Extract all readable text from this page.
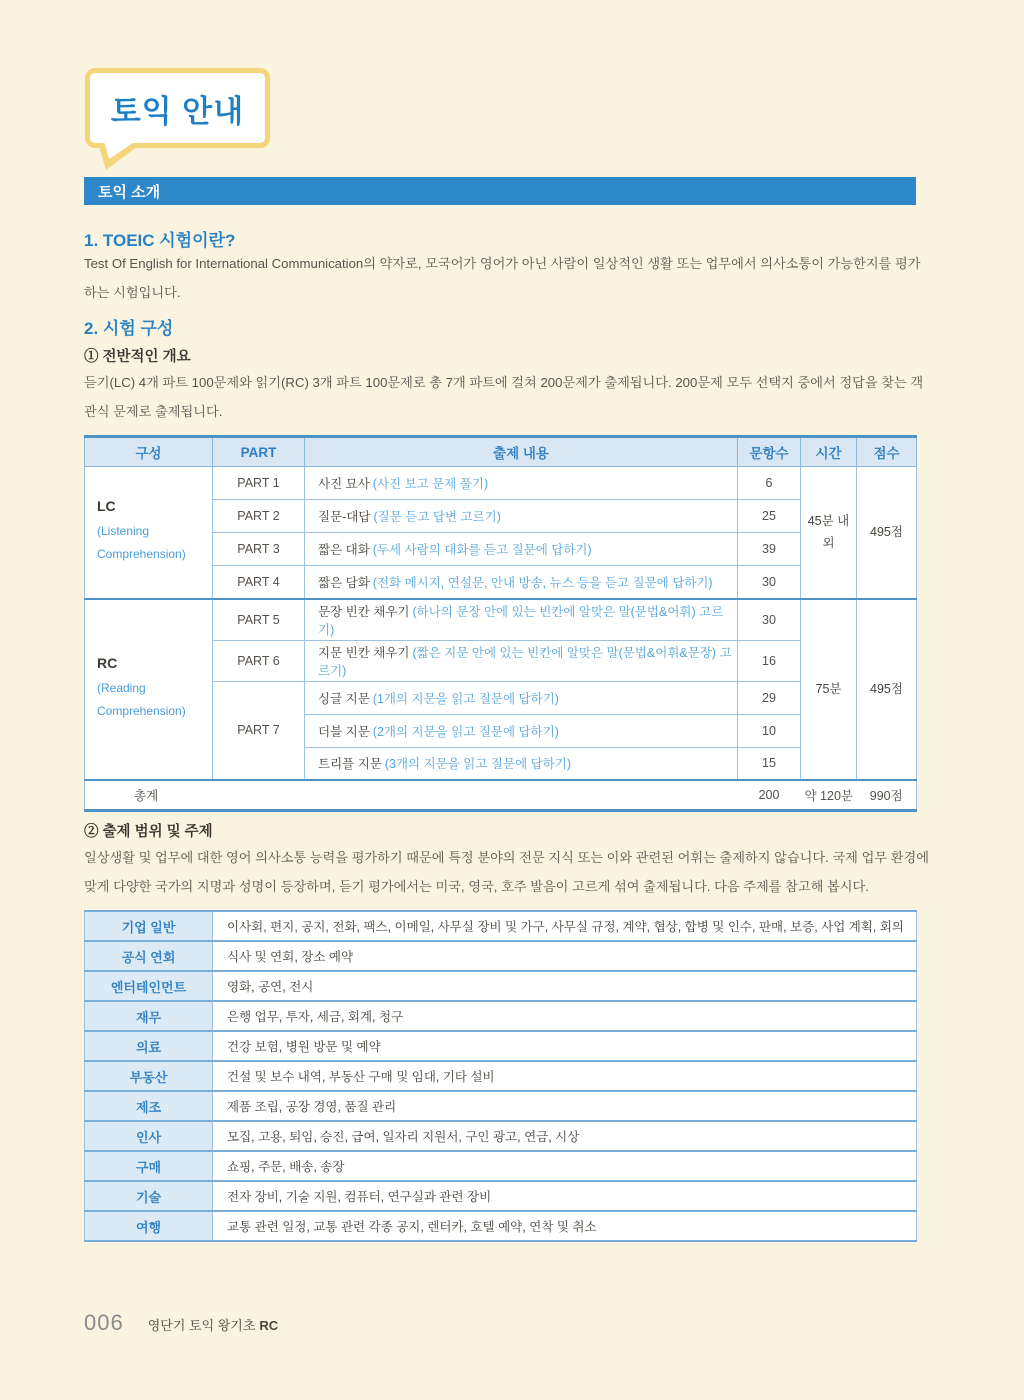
토익 안내
토익 소개
1. TOEIC 시험이란?
Test Of English for International Communication의 약자로, 모국어가 영어가 아닌 사람이 일상적인 생활 또는 업무에서 의사소통이 가능한지를 평가하는 시험입니다.
2. 시험 구성
① 전반적인 개요
듣기(LC) 4개 파트 100문제와 읽기(RC) 3개 파트 100문제로 총 7개 파트에 걸쳐 200문제가 출제됩니다. 200문제 모두 선택지 중에서 정답을 찾는 객관식 문제로 출제됩니다.
구성	PART	출제 내용	문항수	시간	점수

LC
(Listening Comprehension)	PART 1	사진 묘사 (사진 보고 문제 풀기)	6	45분 내외	495점
	PART 2	질문-대답 (질문 듣고 답변 고르기)	25		
	PART 3	짧은 대화 (두세 사람의 대화를 듣고 질문에 답하기)	39		
	PART 4	짧은 담화 (전화 메시지, 연설문, 안내 방송, 뉴스 등을 듣고 질문에 답하기)	30		

RC
(Reading Comprehension)	PART 5	문장 빈칸 채우기 (하나의 문장 안에 있는 빈칸에 알맞은 말(문법&어휘) 고르기)	30	75분	495점
	PART 6	지문 빈칸 채우기 (짧은 지문 안에 있는 빈칸에 알맞은 말(문법&어휘&문장) 고르기)	16		
	PART 7	싱글 지문 (1개의 지문을 읽고 질문에 답하기)	29		
		더블 지문 (2개의 지문을 읽고 질문에 답하기)	10		
		트리플 지문 (3개의 지문을 읽고 질문에 답하기)	15		
총계			200	약 120분	990점
② 출제 범위 및 주제
일상생활 및 업무에 대한 영어 의사소통 능력을 평가하기 때문에 특정 분야의 전문 지식 또는 이와 관련된 어휘는 출제하지 않습니다. 국제 업무 환경에 맞게 다양한 국가의 지명과 성명이 등장하며, 듣기 평가에서는 미국, 영국, 호주 발음이 고르게 섞여 출제됩니다. 다음 주제를 참고해 봅시다.
기업 일반	이사회, 편지, 공지, 전화, 팩스, 이메일, 사무실 장비 및 가구, 사무실 규정, 계약, 협상, 합병 및 인수, 판매, 보증, 사업 계획, 회의
공식 연회	식사 및 연회, 장소 예약
엔터테인먼트	영화, 공연, 전시
재무	은행 업무, 투자, 세금, 회계, 청구
의료	건강 보험, 병원 방문 및 예약
부동산	건설 및 보수 내역, 부동산 구매 및 임대, 기타 설비
제조	제품 조립, 공장 경영, 품질 관리
인사	모집, 고용, 퇴임, 승진, 급여, 일자리 지원서, 구인 광고, 연금, 시상
구매	쇼핑, 주문, 배송, 송장
기술	전자 장비, 기술 지원, 컴퓨터, 연구실과 관련 장비
여행	교통 관련 일정, 교통 관련 각종 공지, 렌터카, 호텔 예약, 연착 및 취소
006 영단기 토익 왕기초 RC
